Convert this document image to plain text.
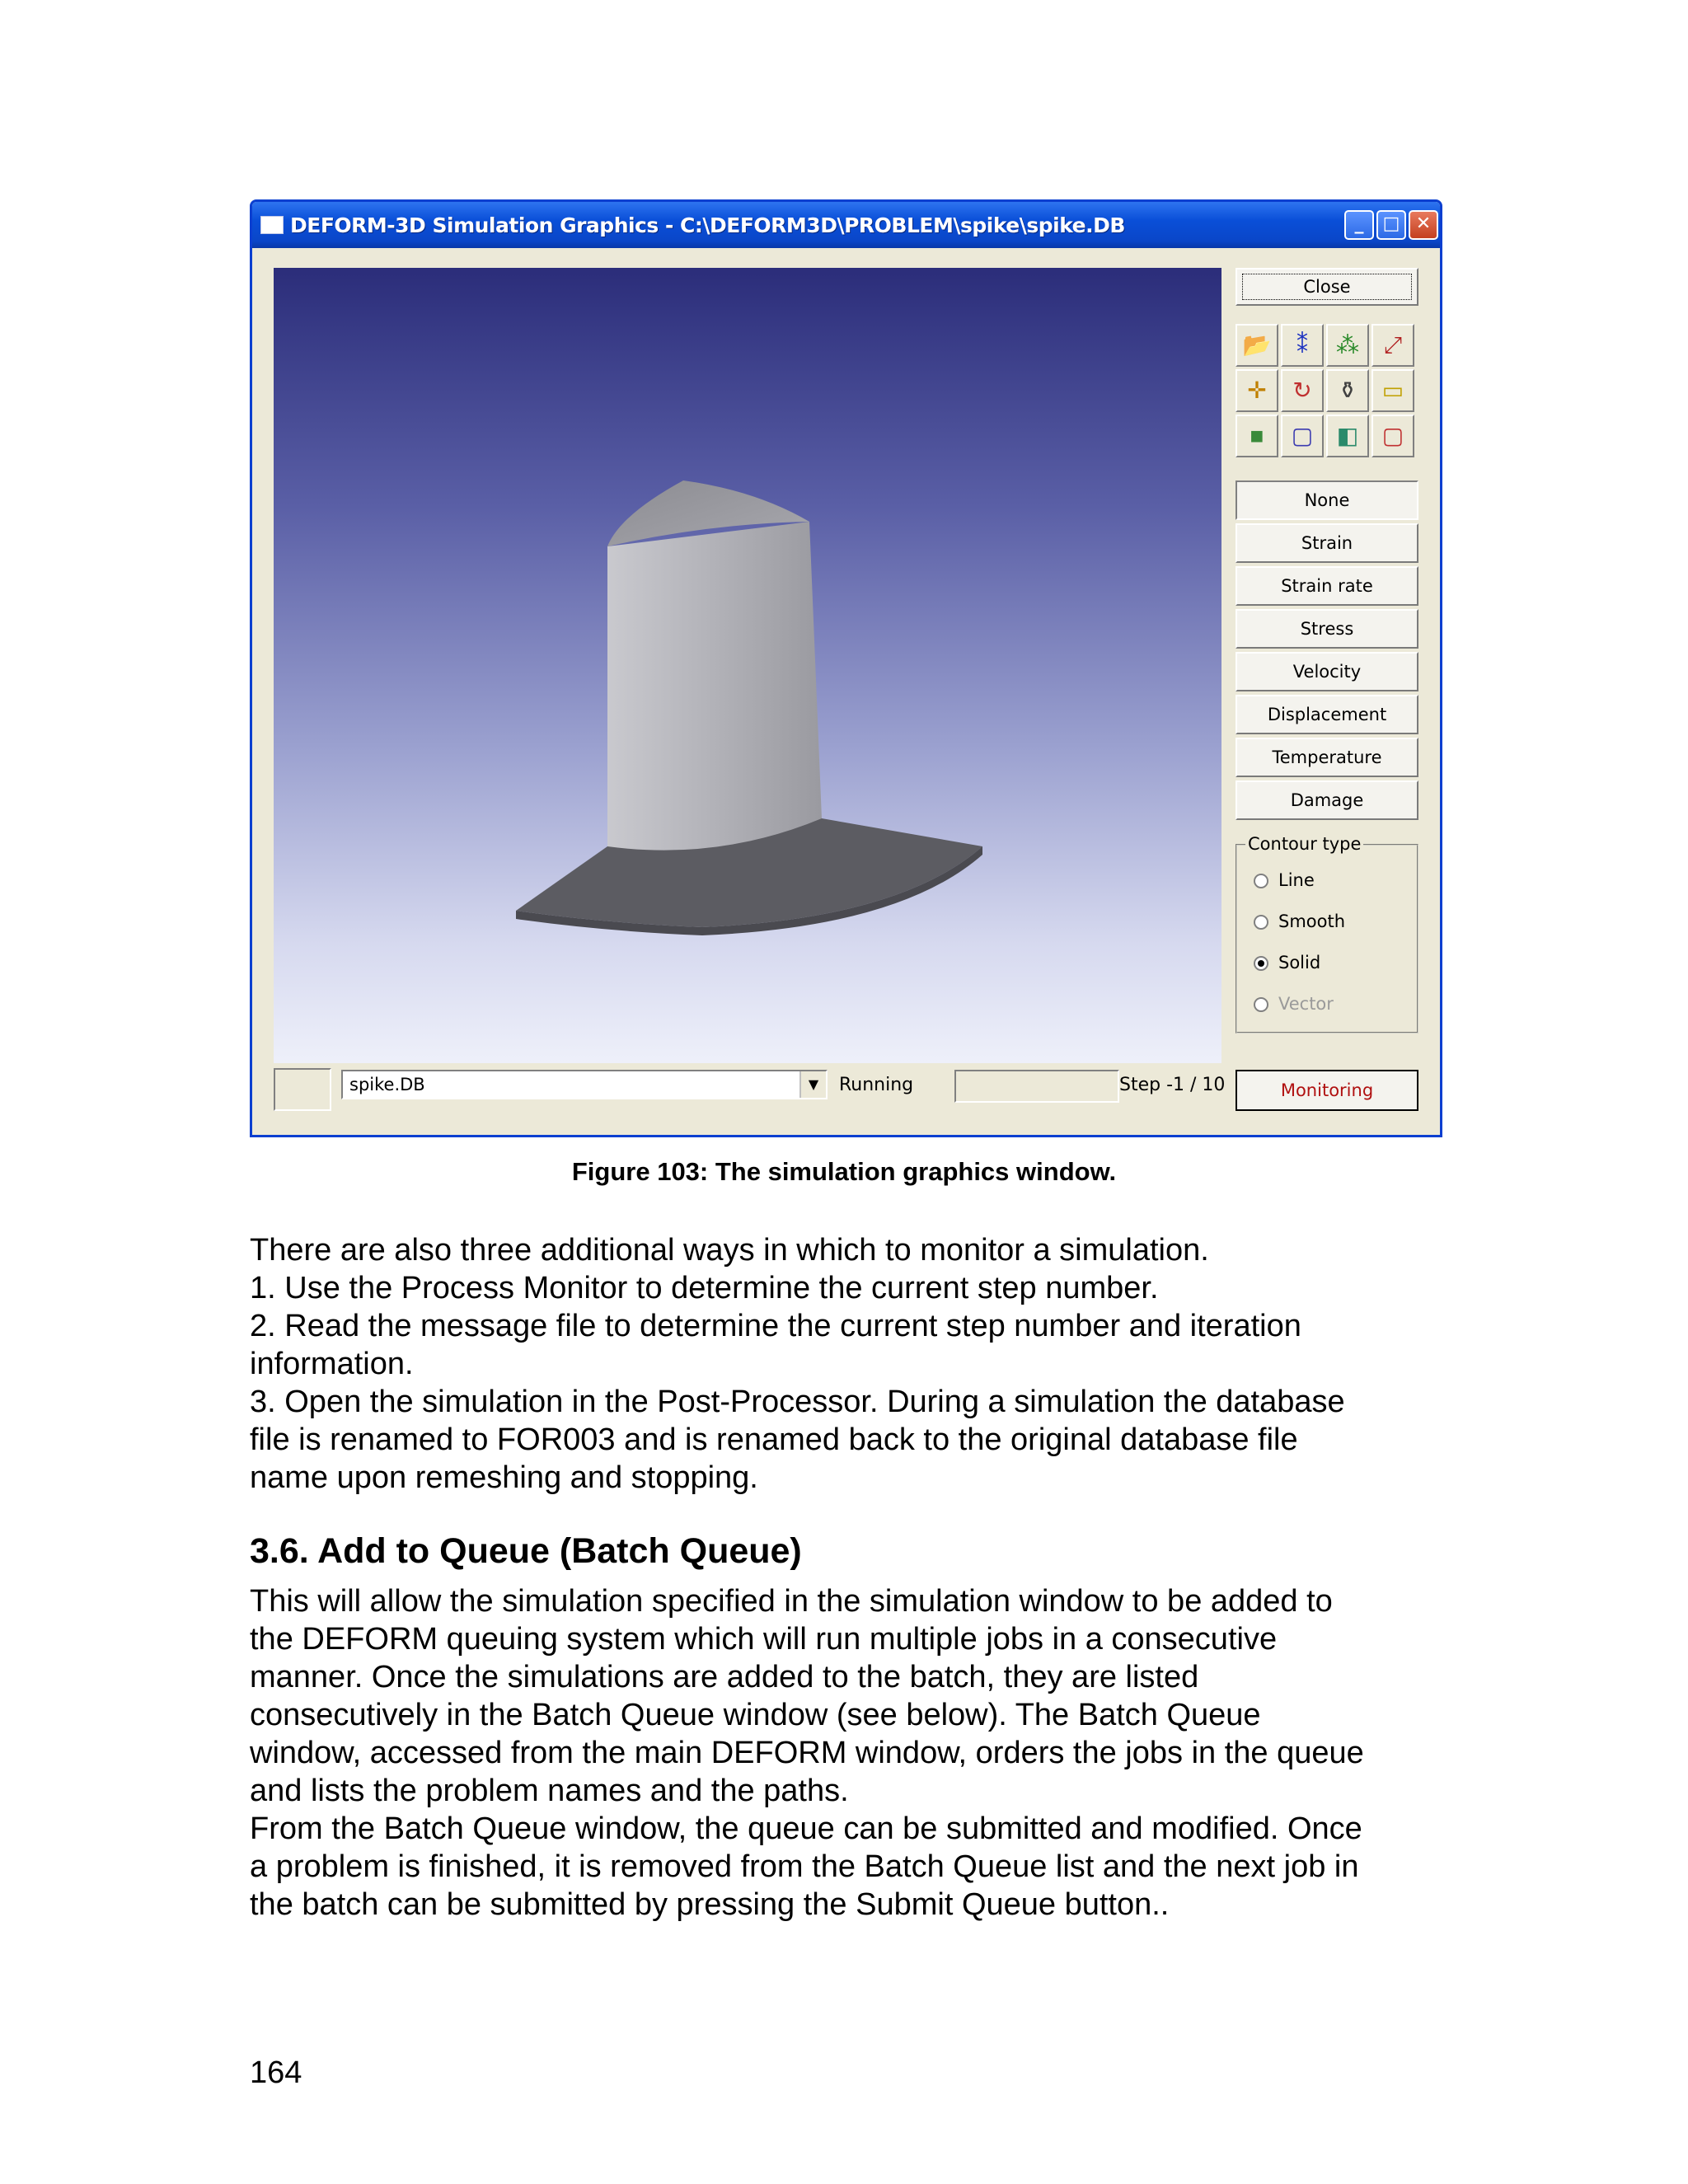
DEFORM-3D Simulation Graphics - C:\DEFORM3D\PROBLEM\spike\spike.DB	_	□ ✕
Close
📂	⁑	⁂	⤢
✛	↻	⚱	▭
■	▢	◧	▢
None
Strain
Strain rate
Stress
Velocity
Displacement
Temperature
Damage
Contour type
Line
Smooth
Solid
Vector
spike.DB	▼	Running	Step -1 / 10	Monitoring
Figure 103: The simulation graphics window.
There are also three additional ways in which to monitor a simulation.
1. Use the Process Monitor to determine the current step number.
2. Read the message file to determine the current step number and iteration
information.
3. Open the simulation in the Post-Processor. During a simulation the database
file is renamed to FOR003 and is renamed back to the original database file
name upon remeshing and stopping.
3.6. Add to Queue (Batch Queue)
This will allow the simulation specified in the simulation window to be added to
the DEFORM queuing system which will run multiple jobs in a consecutive
manner. Once the simulations are added to the batch, they are listed
consecutively in the Batch Queue window (see below). The Batch Queue
window, accessed from the main DEFORM window, orders the jobs in the queue
and lists the problem names and the paths.
From the Batch Queue window, the queue can be submitted and modified. Once
a problem is finished, it is removed from the Batch Queue list and the next job in
the batch can be submitted by pressing the Submit Queue button..
164
